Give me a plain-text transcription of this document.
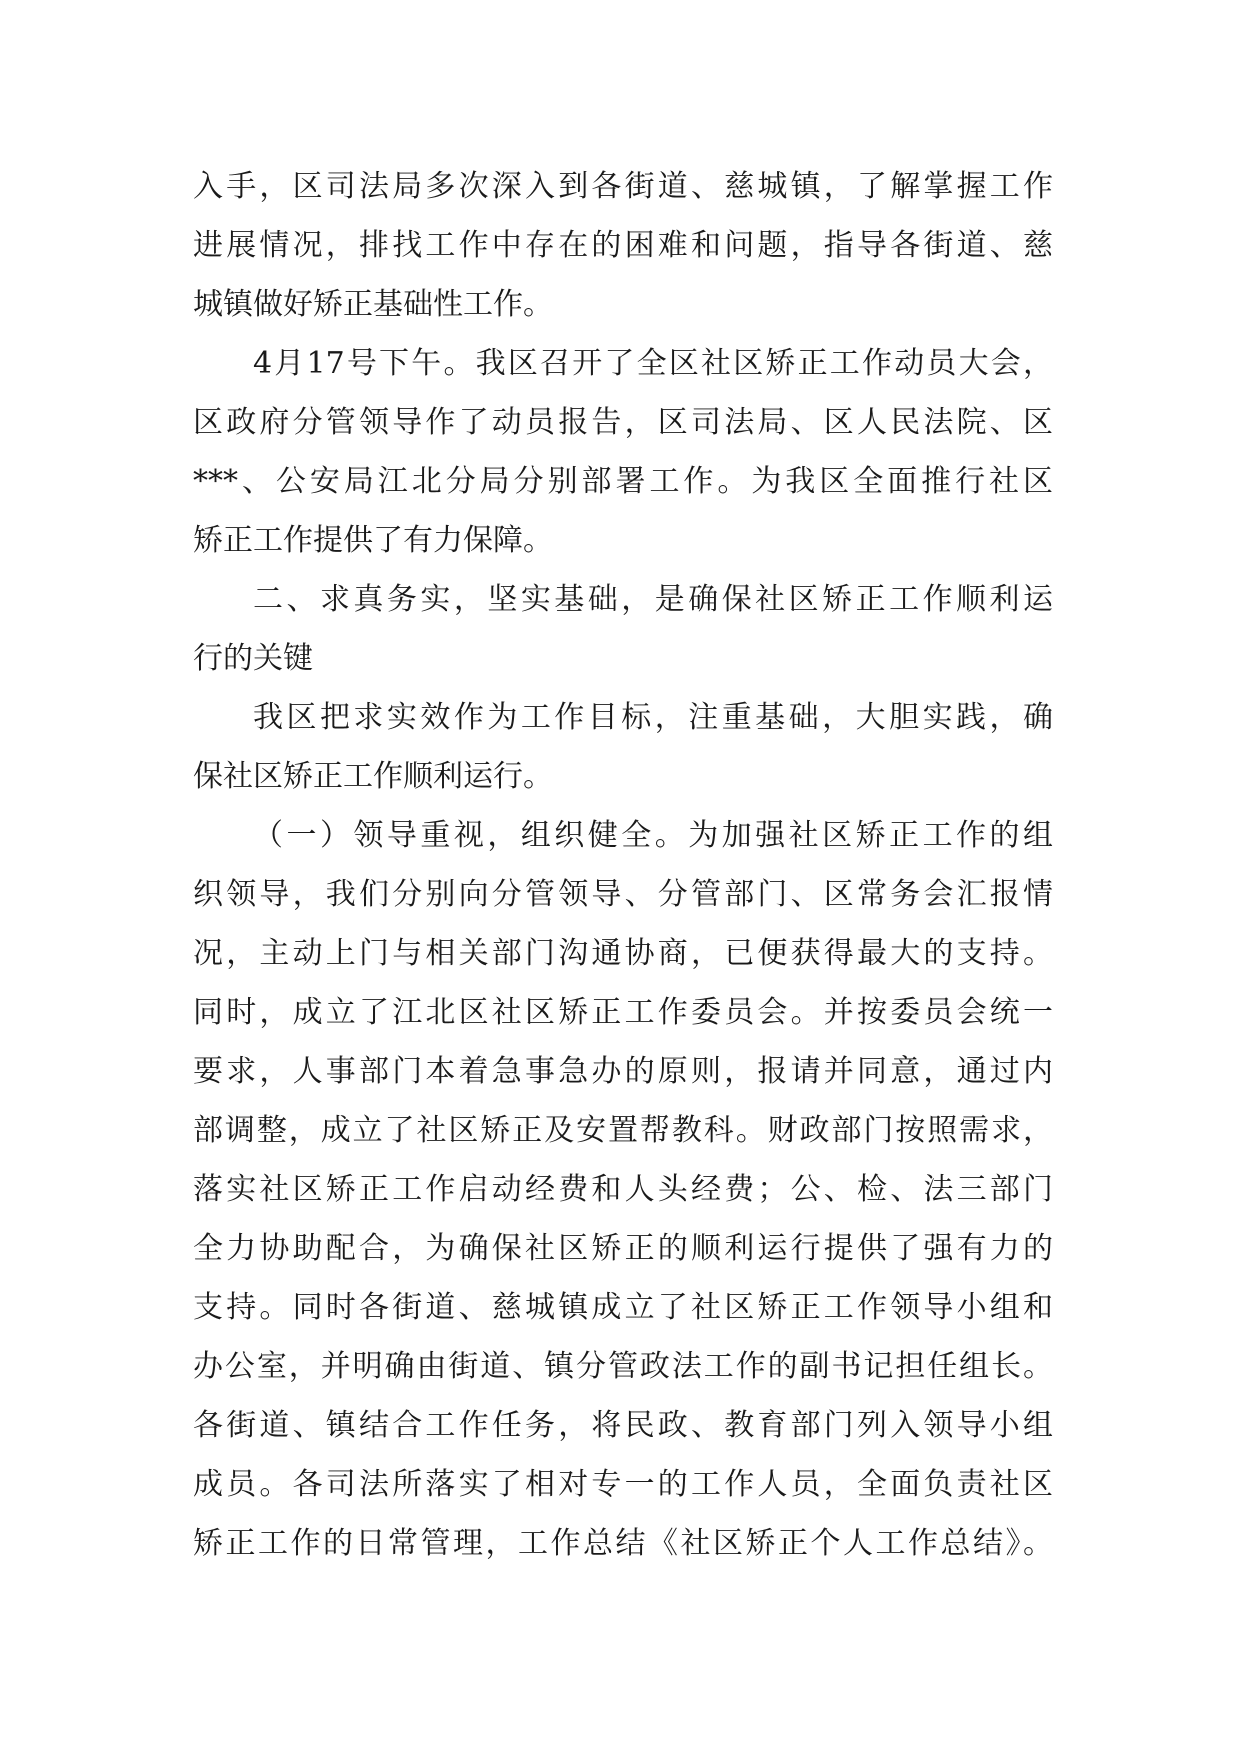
入手，区司法局多次深入到各街道、慈城镇，了解掌握工作
进展情况，排找工作中存在的困难和问题，指导各街道、慈
城镇做好矫正基础性工作。
4月17号下午。我区召开了全区社区矫正工作动员大会，
区政府分管领导作了动员报告，区司法局、区人民法院、区
***、公安局江北分局分别部署工作。为我区全面推行社区
矫正工作提供了有力保障。
二、求真务实，坚实基础，是确保社区矫正工作顺利运
行的关键
我区把求实效作为工作目标，注重基础，大胆实践，确
保社区矫正工作顺利运行。
（一）领导重视，组织健全。为加强社区矫正工作的组
织领导，我们分别向分管领导、分管部门、区常务会汇报情
况，主动上门与相关部门沟通协商，已便获得最大的支持。
同时，成立了江北区社区矫正工作委员会。并按委员会统一
要求，人事部门本着急事急办的原则，报请并同意，通过内
部调整，成立了社区矫正及安置帮教科。财政部门按照需求，
落实社区矫正工作启动经费和人头经费；公、检、法三部门
全力协助配合，为确保社区矫正的顺利运行提供了强有力的
支持。同时各街道、慈城镇成立了社区矫正工作领导小组和
办公室，并明确由街道、镇分管政法工作的副书记担任组长。
各街道、镇结合工作任务，将民政、教育部门列入领导小组
成员。各司法所落实了相对专一的工作人员，全面负责社区
矫正工作的日常管理，工作总结《社区矫正个人工作总结》。
